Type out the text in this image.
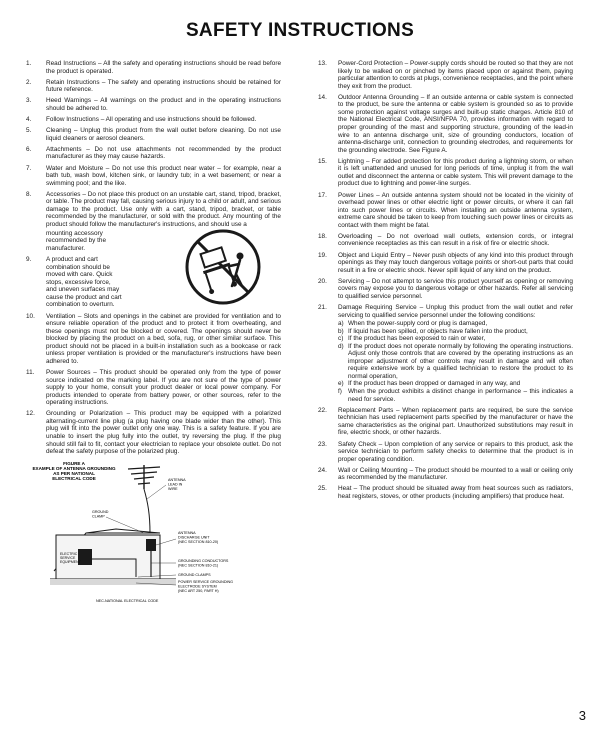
SAFETY INSTRUCTIONS
1.	Read Instructions – All the safety and operating instructions should be read before the product is operated.
2.	Retain Instructions – The safety and operating instructions should be retained for future reference.
3.	Heed Warnings – All warnings on the product and in the operating instructions should be adhered to.
4.	Follow Instructions – All operating and use instructions should be followed.
5.	Cleaning – Unplug this product from the wall outlet before cleaning. Do not use liquid cleaners or aerosol cleaners.
6.	Attachments – Do not use attachments not recommended by the product manufacturer as they may cause hazards.
7.	Water and Moisture – Do not use this product near water – for example, near a bath tub, wash bowl, kitchen sink, or laundry tub; in a wet basement; or near a swimming pool; and the like.
8.	Accessories – Do not place this product on an unstable cart, stand, tripod, bracket, or table. The product may fall, causing serious injury to a child or adult, and serious damage to the product. Use only with a cart, stand, tripod, bracket, or table recommended by the manufacturer, or sold with the product. Any mounting of the product should follow the manufacturer's instructions, and should use a
mounting accessory
recommended by the
manufacturer.
9.	A product and cart
combination should be
moved with care. Quick
stops, excessive force,
and uneven surfaces may
cause the product and cart
combination to overturn.
10.	Ventilation – Slots and openings in the cabinet are provided for ventilation and to ensure reliable operation of the product and to protect it from overheating, and these openings must not be blocked or covered. The openings should never be blocked by placing the product on a bed, sofa, rug, or other similar surface. This product should not be placed in a built-in installation such as a bookcase or rack unless proper ventilation is provided or the manufacturer's instructions have been adhered to.
11.	Power Sources – This product should be operated only from the type of power source indicated on the marking label. If you are not sure of the type of power supply to your home, consult your product dealer or local power company. For products intended to operate from battery power, or other sources, refer to the operating instructions.
12.	Grounding or Polarization – This product may be equipped with a polarized alternating-current line plug (a plug having one blade wider than the other). This plug will fit into the power outlet only one way. This is a safety feature. If you are unable to insert the plug fully into the outlet, try reversing the plug. If the plug should still fail to fit, contact your electrician to replace your obsolete outlet. Do not defeat the safety purpose of the polarized plug.
FIGURE A
EXAMPLE OF ANTENNA GROUNDING
AS PER NATIONAL
ELECTRICAL CODE	ANTENNA
LEAD IN
WIRE
GROUND
CLAMP
ANTENNA
DISCHARGE UNIT
(NEC SECTION 810-20)
ELECTRIC
SERVICE
EQUIPMENT	GROUNDING CONDUCTORS
(NEC SECTION 810-21)
GROUND CLAMPS
POWER SERVICE GROUNDING
ELECTRODE SYSTEM
(NEC ART 250, PART H)
NEC-NATIONAL ELECTRICAL CODE
13.	Power-Cord Protection – Power-supply cords should be routed so that they are not likely to be walked on or pinched by items placed upon or against them, paying particular attention to cords at plugs, convenience receptacles, and the point where they exit from the product.
14.	Outdoor Antenna Grounding – If an outside antenna or cable system is connected to the product, be sure the antenna or cable system is grounded so as to provide some protection against voltage surges and built-up static charges. Article 810 of the National Electrical Code, ANSI/NFPA 70, provides information with regard to proper grounding of the mast and supporting structure, grounding of the lead-in wire to an antenna discharge unit, size of grounding conductors, location of antenna-discharge unit, connection to grounding electrodes, and requirements for the grounding electrode. See Figure A.
15.	Lightning – For added protection for this product during a lightning storm, or when it is left unattended and unused for long periods of time, unplug it from the wall outlet and disconnect the antenna or cable system. This will prevent damage to the product due to lightning and power-line surges.
17.	Power Lines – An outside antenna system should not be located in the vicinity of overhead power lines or other electric light or power circuits, or where it can fall into such power lines or circuits. When installing an outside antenna system, extreme care should be taken to keep from touching such power lines or circuits as contact with them might be fatal.
18.	Overloading – Do not overload wall outlets, extension cords, or integral convenience receptacles as this can result in a risk of fire or electric shock.
19.	Object and Liquid Entry – Never push objects of any kind into this product through openings as they may touch dangerous voltage points or short-out parts that could result in a fire or electric shock. Never spill liquid of any kind on the product.
20.	Servicing – Do not attempt to service this product yourself as opening or removing covers may expose you to dangerous voltage or other hazards. Refer all servicing to qualified service personnel.
21.	Damage Requiring Service – Unplug this product from the wall outlet and refer servicing to qualified service personnel under the following conditions:
a) When the power-supply cord or plug is damaged,
b) If liquid has been spilled, or objects have fallen into the product,
c) If the product has been exposed to rain or water,
d) If the product does not operate normally by following the operating instructions. Adjust only those controls that are covered by the operating instructions as an improper adjustment of other controls may result in damage and will often require extensive work by a qualified technician to restore the product to its normal operation,
e) If the product has been dropped or damaged in any way, and
f) When the product exhibits a distinct change in performance – this indicates a need for service.
22.	Replacement Parts – When replacement parts are required, be sure the service technician has used replacement parts specified by the manufacturer or have the same characteristics as the original part. Unauthorized substitutions may result in fire, electric shock, or other hazards.
23.	Safety Check – Upon completion of any service or repairs to this product, ask the service technician to perform safety checks to determine that the product is in proper operating condition.
24.	Wall or Ceiling Mounting – The product should be mounted to a wall or ceiling only as recommended by the manufacturer.
25.	Heat – The product should be situated away from heat sources such as radiators, heat registers, stoves, or other products (including amplifiers) that produce heat.
3
